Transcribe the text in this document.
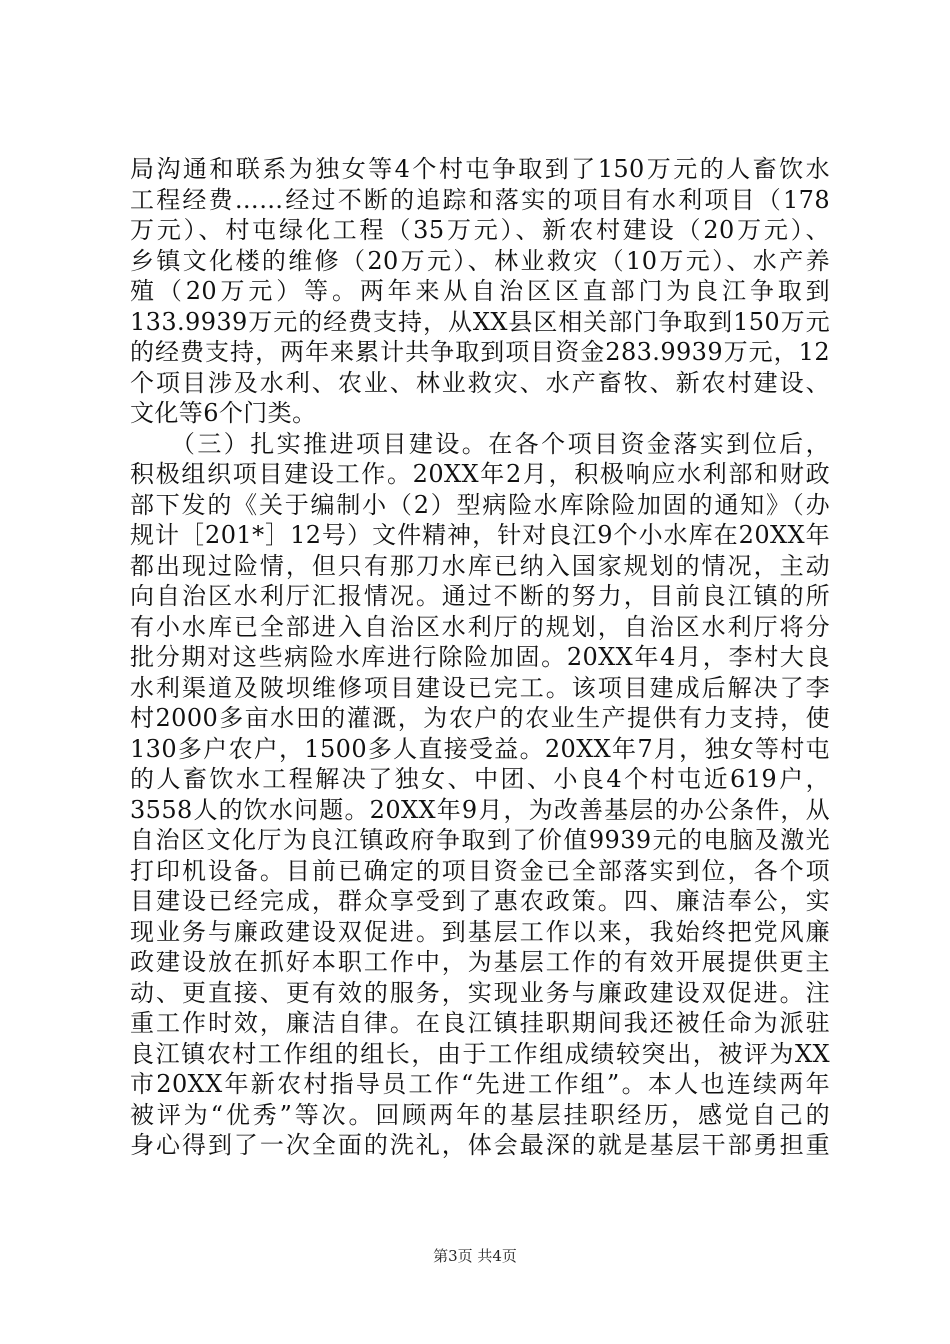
局沟通和联系为独女等4个村屯争取到了150万元的人畜饮水
工程经费……经过不断的追踪和落实的项目有水利项目（178
万元）、村屯绿化工程（35万元）、新农村建设（20万元）、
乡镇文化楼的维修（20万元）、林业救灾（10万元）、水产养
殖（20万元）等。两年来从自治区区直部门为良江争取到
133.9939万元的经费支持，从XX县区相关部门争取到150万元
的经费支持，两年来累计共争取到项目资金283.9939万元，12
个项目涉及水利、农业、林业救灾、水产畜牧、新农村建设、
文化等6个门类。
　　（三）扎实推进项目建设。在各个项目资金落实到位后，
积极组织项目建设工作。20XX年2月，积极响应水利部和财政
部下发的《关于编制小（2）型病险水库除险加固的通知》（办
规计［201*］12号）文件精神，针对良江9个小水库在20XX年
都出现过险情，但只有那刀水库已纳入国家规划的情况，主动
向自治区水利厅汇报情况。通过不断的努力，目前良江镇的所
有小水库已全部进入自治区水利厅的规划，自治区水利厅将分
批分期对这些病险水库进行除险加固。20XX年4月，李村大良
水利渠道及陂坝维修项目建设已完工。该项目建成后解决了李
村2000多亩水田的灌溉，为农户的农业生产提供有力支持，使
130多户农户，1500多人直接受益。20XX年7月，独女等村屯
的人畜饮水工程解决了独女、中团、小良4个村屯近619户，
3558人的饮水问题。20XX年9月，为改善基层的办公条件，从
自治区文化厅为良江镇政府争取到了价值9939元的电脑及激光
打印机设备。目前已确定的项目资金已全部落实到位，各个项
目建设已经完成，群众享受到了惠农政策。四、廉洁奉公，实
现业务与廉政建设双促进。到基层工作以来，我始终把党风廉
政建设放在抓好本职工作中，为基层工作的有效开展提供更主
动、更直接、更有效的服务，实现业务与廉政建设双促进。注
重工作时效，廉洁自律。在良江镇挂职期间我还被任命为派驻
良江镇农村工作组的组长，由于工作组成绩较突出，被评为XX
市20XX年新农村指导员工作“先进工作组”。本人也连续两年
被评为“优秀”等次。回顾两年的基层挂职经历，感觉自己的
身心得到了一次全面的洗礼，体会最深的就是基层干部勇担重
第3页 共4页
